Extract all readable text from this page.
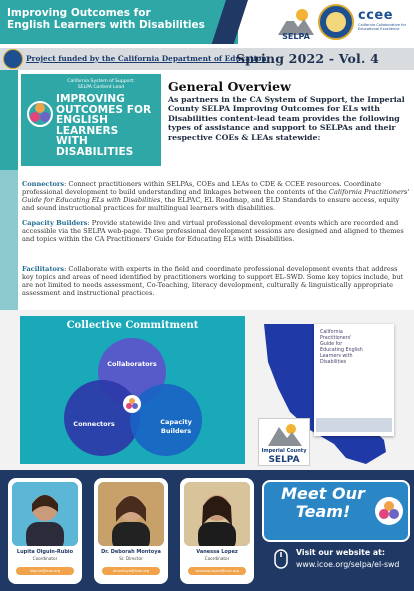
Improving Outcomes for
English Learners with Disabilities
SELPA
ccee
California Collaborative for Educational Excellence
Project funded by the California Department of Education
Spring 2022 - Vol. 4
California System of Support:
SELPA Content Lead
IMPROVING
OUTCOMES FOR
ENGLISH
LEARNERS
WITH
DISABILITIES
General Overview
As partners in the CA System of Support, the Imperial County SELPA Improving Outcomes for ELs with Disabilities content-lead team provides the following types of assistance and support to SELPAs and their respective COEs & LEAs statewide:
Connectors: Connect practitioners within SELPAs, COEs and LEAs to CDE & CCEE resources. Coordinate professional development to build understanding and linkages between the contents of the California Practitioners' Guide for Educating ELs with Disabilities, the ELPAC, EL Roadmap, and ELD Standards to ensure access, equity and sound instructional practices for multilingual learners with disabilities.
Capacity Builders: Provide statewide live and virtual professional development events which are recorded and accessible via the SELPA web-page. These professional development sessions are designed and aligned to themes and topics within the CA Practitioners' Guide for Educating ELs with Disabilities.
Facilitators: Collaborate with experts in the field and coordinate professional development events that address key topics and areas of need identified by practitioners working to support EL-SWD. Some key topics include, but are not limited to needs assessment, Co-Teaching, literacy development, culturally & linguistically appropriate assessment and instructional practices.
Collective Commitment
Collaborators
Connectors	Capacity
Builders
California
Practitioners'
Guide for
Educating English
Learners with
Disabilities
Imperial County
SELPA
Lupita Olguin-Rubio
Coordinator
lolguin@icoe.org
Dr. Deborah Montoya
Sr. Director
dmontoya@icoe.org
Vanessa Lopez
Coordinator
vanessa.lopez@icoe.org
Meet Our
Team!
Visit our website at:
www.icoe.org/selpa/el-swd
